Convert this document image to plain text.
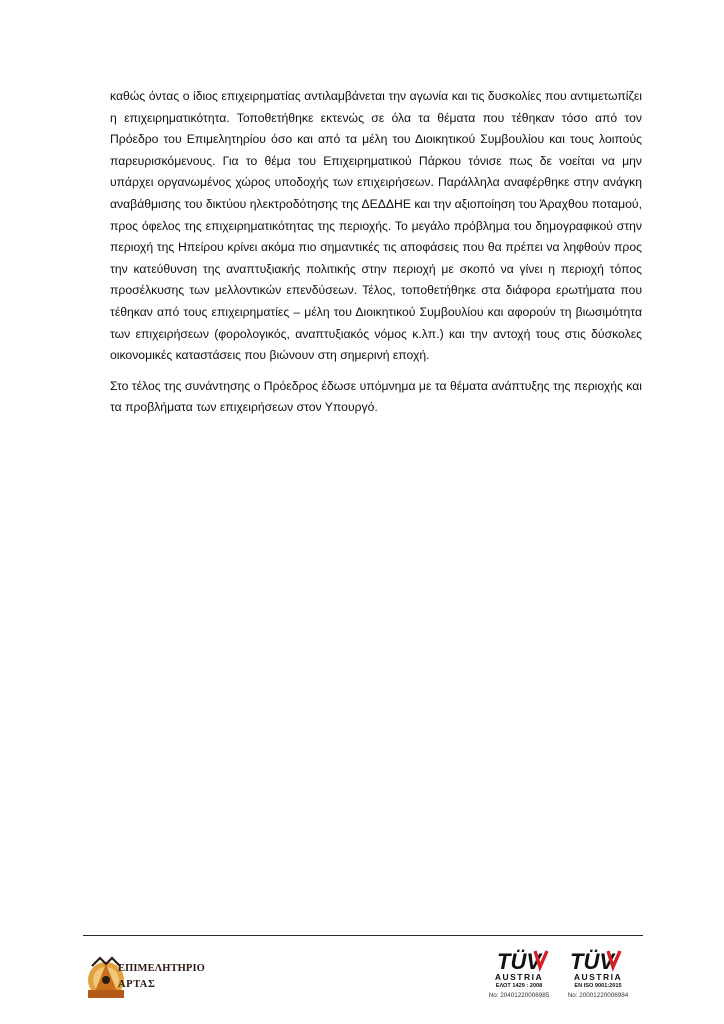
καθώς όντας ο ίδιος επιχειρηματίας αντιλαμβάνεται την αγωνία και τις δυσκολίες που αντιμετωπίζει η επιχειρηματικότητα. Τοποθετήθηκε εκτενώς σε όλα τα θέματα που τέθηκαν τόσο από τον Πρόεδρο του Επιμελητηρίου όσο και από τα μέλη του Διοικητικού Συμβουλίου και τους λοιπούς παρευρισκόμενους. Για το θέμα του Επιχειρηματικού Πάρκου τόνισε πως δε νοείται να μην υπάρχει οργανωμένος χώρος υποδοχής των επιχειρήσεων. Παράλληλα αναφέρθηκε στην ανάγκη αναβάθμισης του δικτύου ηλεκτροδότησης της ΔΕΔΔΗΕ και την αξιοποίηση του Άραχθου ποταμού, προς όφελος της επιχειρηματικότητας της περιοχής. Το μεγάλο πρόβλημα του δημογραφικού στην περιοχή της Ηπείρου κρίνει ακόμα πιο σημαντικές τις αποφάσεις που θα πρέπει να ληφθούν προς την κατεύθυνση της αναπτυξιακής πολιτικής στην περιοχή με σκοπό να γίνει η περιοχή τόπος προσέλκυσης των μελλοντικών επενδύσεων. Τέλος, τοποθετήθηκε στα διάφορα ερωτήματα που τέθηκαν από τους επιχειρηματίες – μέλη του Διοικητικού Συμβουλίου και αφορούν τη βιωσιμότητα των επιχειρήσεων (φορολογικός, αναπτυξιακός νόμος κ.λπ.) και την αντοχή τους στις δύσκολες οικονομικές καταστάσεις που βιώνουν στη σημερινή εποχή.

Στο τέλος της συνάντησης ο Πρόεδρος έδωσε υπόμνημα με τα θέματα ανάπτυξης της περιοχής και τα προβλήματα των επιχειρήσεων στον Υπουργό.

ΕΠΙΜΕΛΗΤΗΡΙΟ
ΑΡΤΑΣ
TÜV
AUSTRIA
ΕΛΟΤ 1429 : 2008
No: 20401220006985
TÜV
AUSTRIA
EN ISO 9001:2015
No: 20001220006984
